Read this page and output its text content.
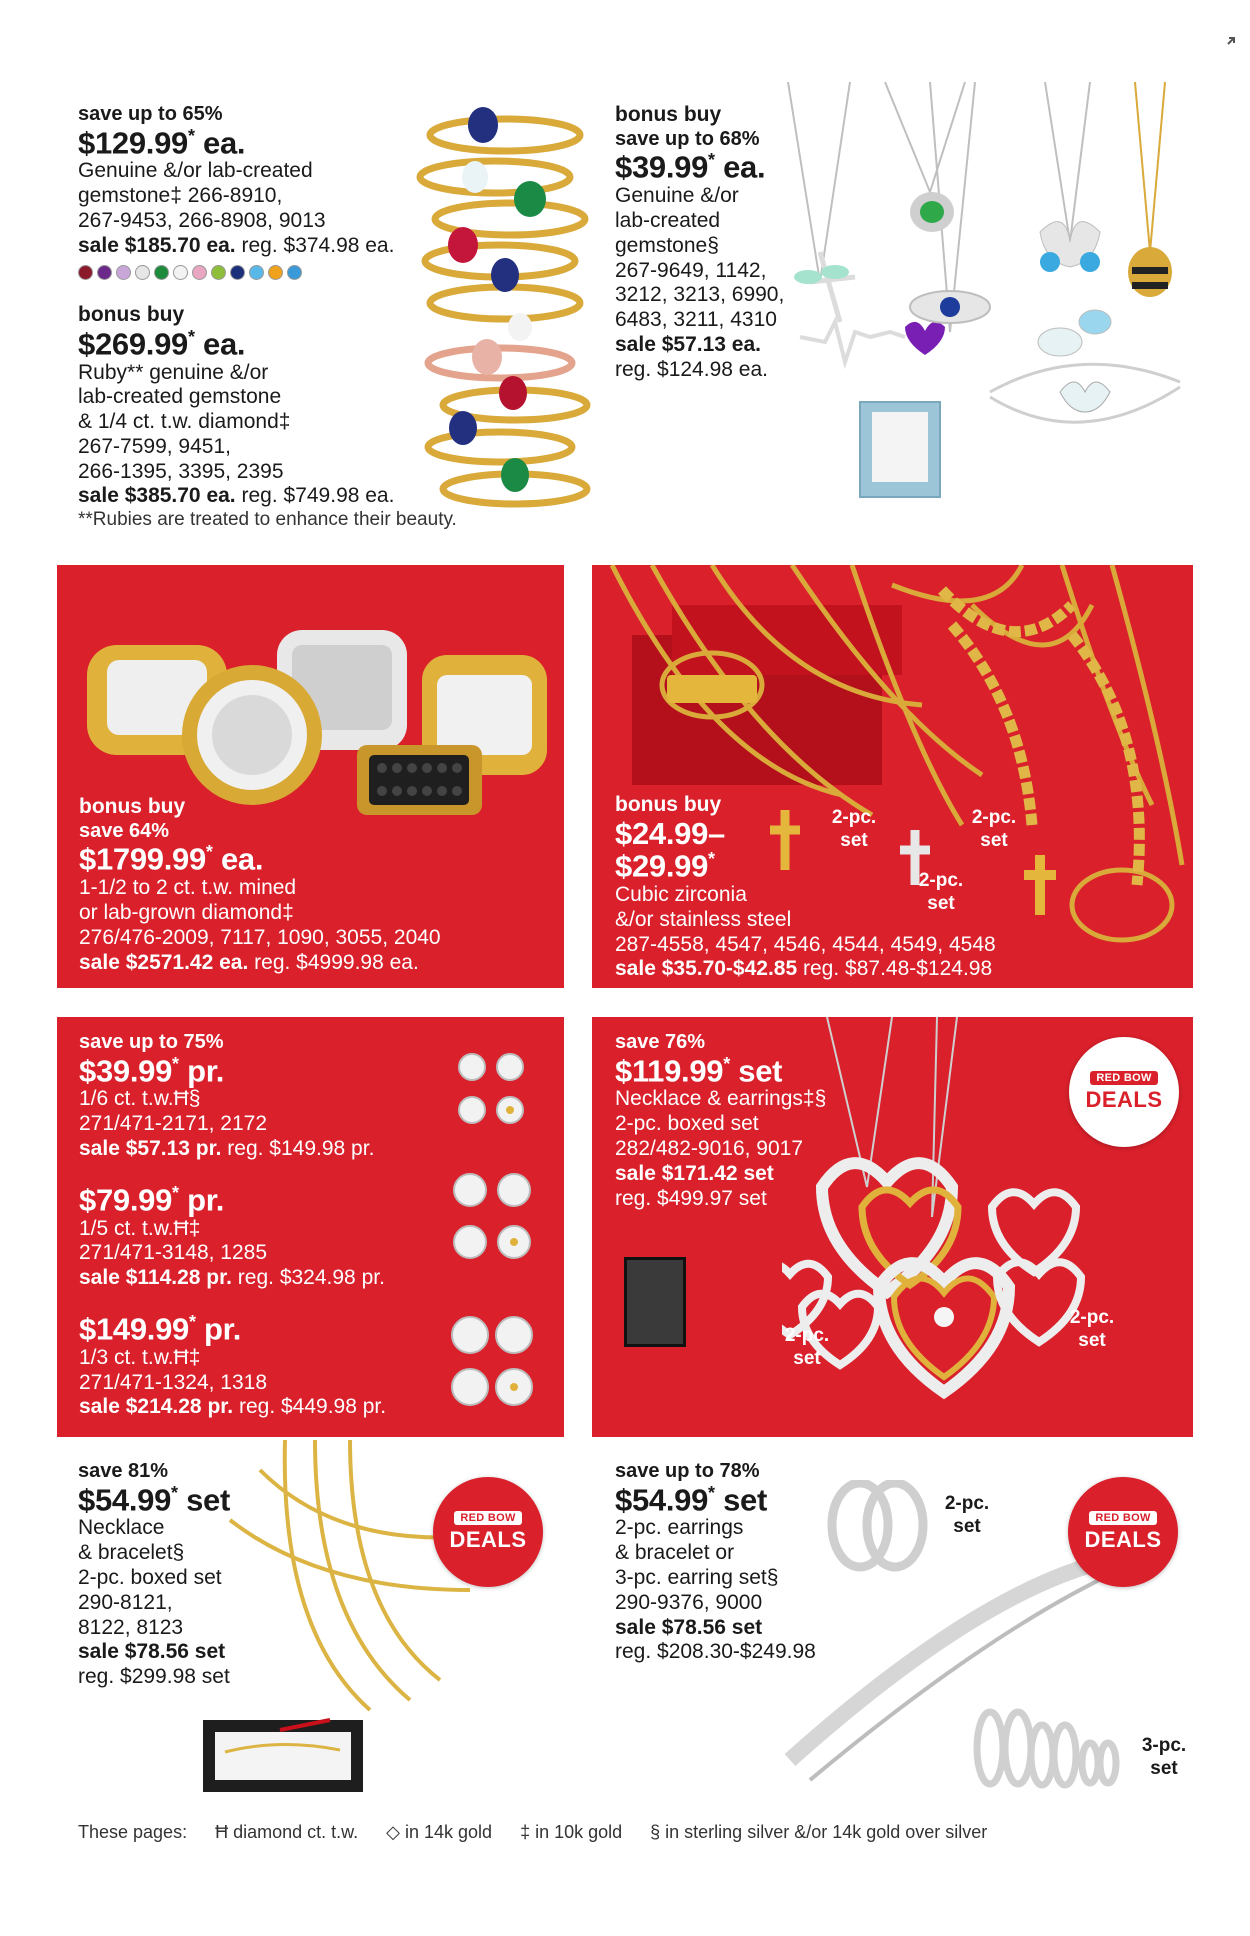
save up to 65%
$129.99* ea.
Genuine &/or lab-created
gemstone‡ 266-8910,
267-9453, 266-8908, 9013
sale $185.70 ea. reg. $374.98 ea.
bonus buy
$269.99* ea.
Ruby** genuine &/or
lab-created gemstone
& 1/4 ct. t.w. diamond‡
267-7599, 9451,
266-1395, 3395, 2395
sale $385.70 ea. reg. $749.98 ea.
**Rubies are treated to enhance their beauty.
bonus buy
save up to 68%
$39.99* ea.
Genuine &/or
lab-created
gemstone§
267-9649, 1142,
3212, 3213, 6990,
6483, 3211, 4310
sale $57.13 ea.
reg. $124.98 ea.
bonus buy
save 64%
$1799.99* ea.
1-1/2 to 2 ct. t.w. mined
or lab-grown diamond‡
276/476-2009, 7117, 1090, 3055, 2040
sale $2571.42 ea. reg. $4999.98 ea.
2-pc. set
2-pc. set
2-pc. set
bonus buy
$24.99–
$29.99*
Cubic zirconia
&/or stainless steel
287-4558, 4547, 4546, 4544, 4549, 4548
sale $35.70-$42.85 reg. $87.48-$124.98
save up to 75%
$39.99* pr.
1/6 ct. t.w.Ħ§
271/471-2171, 2172
sale $57.13 pr. reg. $149.98 pr.
$79.99* pr.
1/5 ct. t.w.Ħ‡
271/471-3148, 1285
sale $114.28 pr. reg. $324.98 pr.
$149.99* pr.
1/3 ct. t.w.Ħ‡
271/471-1324, 1318
sale $214.28 pr. reg. $449.98 pr.
save 76%
$119.99* set
Necklace & earrings‡§
2-pc. boxed set
282/482-9016, 9017
sale $171.42 set
reg. $499.97 set
RED BOW
DEALS
2-pc. set
2-pc. set
save 81%
$54.99* set
Necklace
& bracelet§
2-pc. boxed set
290-8121,
8122, 8123
sale $78.56 set
reg. $299.98 set
RED BOW
DEALS
save up to 78%
$54.99* set
2-pc. earrings
& bracelet or
3-pc. earring set§
290-9376, 9000
sale $78.56 set
reg. $208.30-$249.98
RED BOW
DEALS
2-pc. set
3-pc. set
These pages: Ħ diamond ct. t.w. ◇ in 14k gold ‡ in 10k gold § in sterling silver &/or 14k gold over silver
